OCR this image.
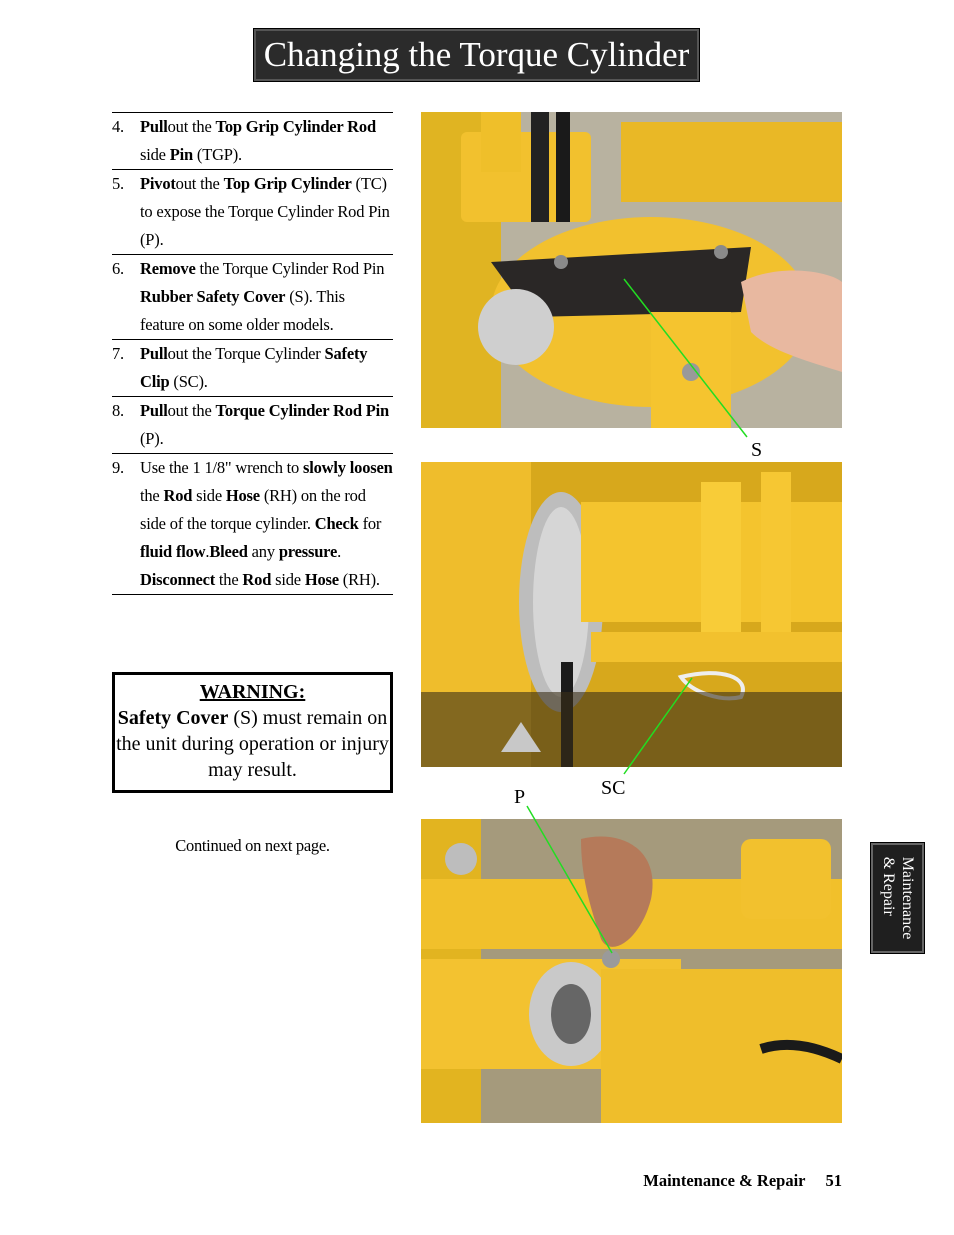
Changing the Torque Cylinder
4. Pullout the Top Grip Cylinder Rod side Pin (TGP).
5. Pivotout the Top Grip Cylinder (TC) to expose the Torque Cylinder Rod Pin (P).
6. Remove the Torque Cylinder Rod Pin Rubber Safety Cover (S). This feature on some older models.
7. Pullout the Torque Cylinder Safety Clip (SC).
8. Pullout the Torque Cylinder Rod Pin (P).
9. Use the 1 1/8" wrench to slowly loosen the Rod side Hose (RH) on the rod side of the torque cylinder. Check for fluid flow.Bleed any pressure. Disconnect the Rod side Hose (RH).
WARNING:
Safety Cover (S) must remain on the unit during operation or injury may result.
Continued on next page.
S
SC
P
Maintenance
& Repair
Maintenance & Repair 51
